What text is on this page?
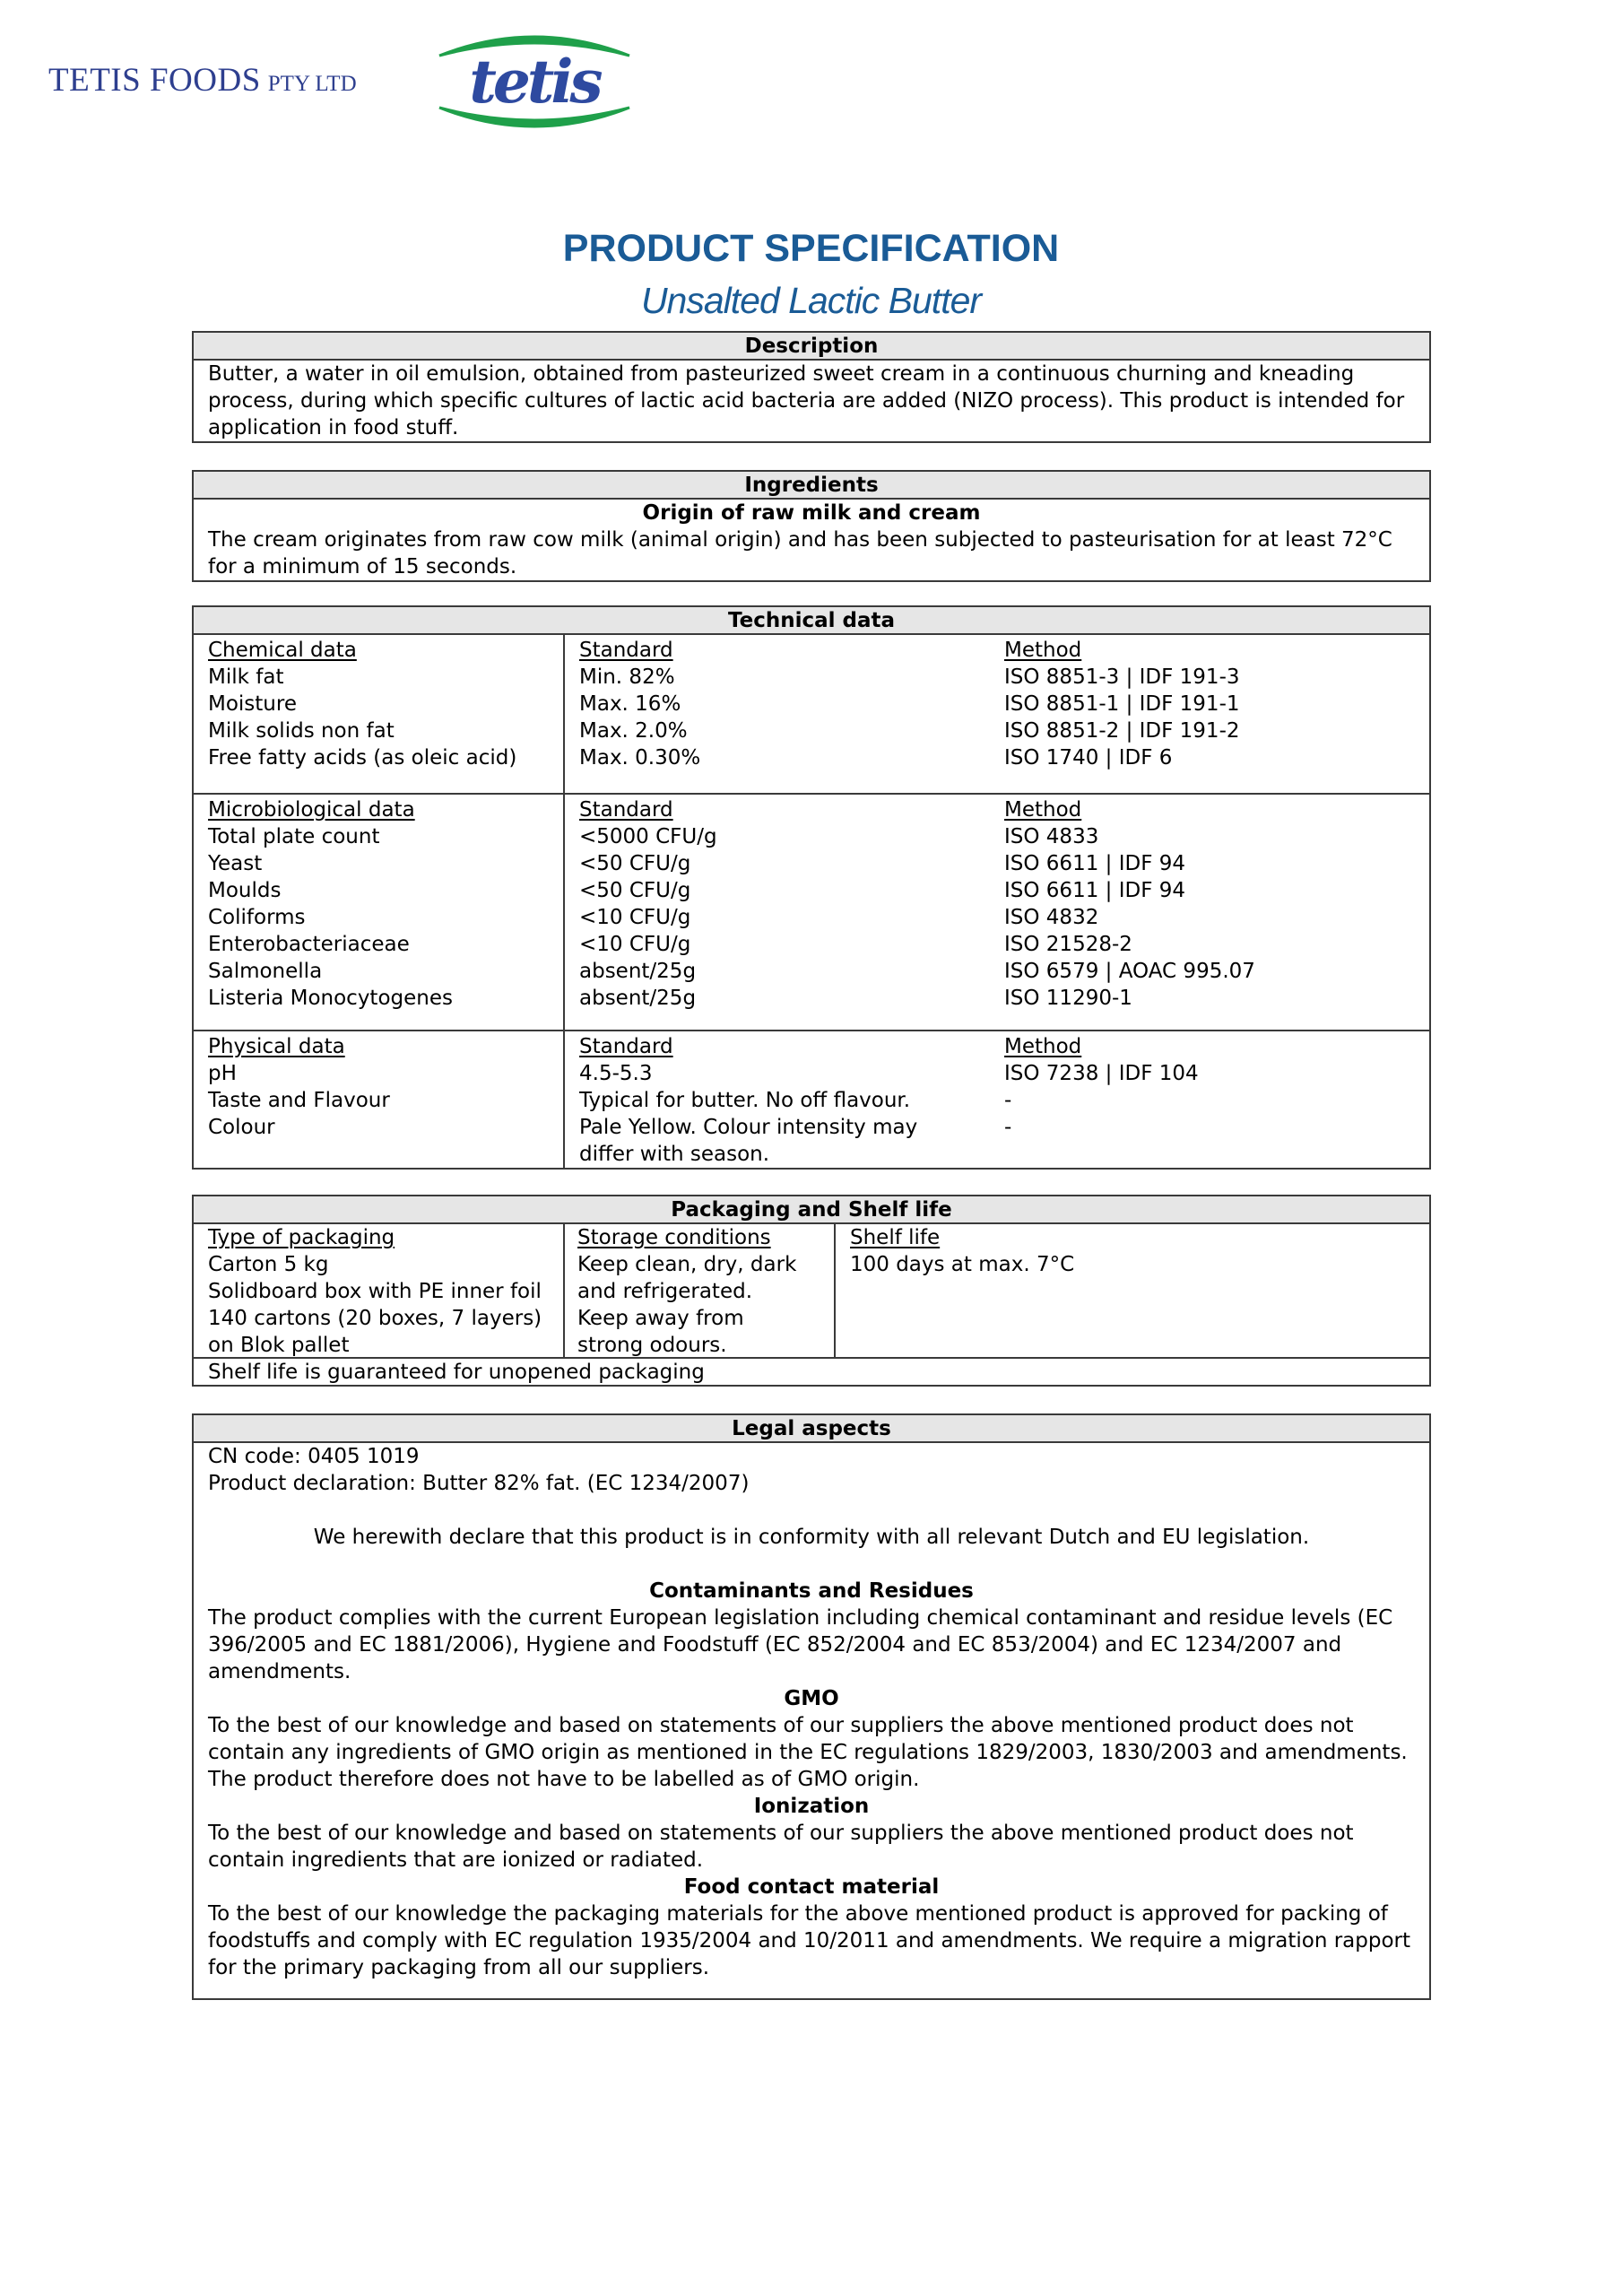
TETIS FOODS PTY LTD tetis
PRODUCT SPECIFICATION
Unsalted Lactic Butter
Description
Butter, a water in oil emulsion, obtained from pasteurized sweet cream in a continuous churning and kneading process, during which specific cultures of lactic acid bacteria are added (NIZO process). This product is intended for application in food stuff.
Ingredients
Origin of raw milk and cream
The cream originates from raw cow milk (animal origin) and has been subjected to pasteurisation for at least 72°C for a minimum of 15 seconds.
Technical data
Chemical data
Milk fat
Moisture
Milk solids non fat
Free fatty acids (as oleic acid)
Standard
Min. 82%
Max. 16%
Max. 2.0%
Max. 0.30%
Method
ISO 8851-3 | IDF 191-3
ISO 8851-1 | IDF 191-1
ISO 8851-2 | IDF 191-2
ISO 1740 | IDF 6
Microbiological data
Total plate count
Yeast
Moulds
Coliforms
Enterobacteriaceae
Salmonella
Listeria Monocytogenes
Standard
<5000 CFU/g
<50 CFU/g
<50 CFU/g
<10 CFU/g
<10 CFU/g
absent/25g
absent/25g
Method
ISO 4833
ISO 6611 | IDF 94
ISO 6611 | IDF 94
ISO 4832
ISO 21528-2
ISO 6579 | AOAC 995.07
ISO 11290-1
Physical data
pH
Taste and Flavour
Colour
Standard
4.5-5.3
Typical for butter. No off flavour.
Pale Yellow. Colour intensity may differ with season.
Method
ISO 7238 | IDF 104
-
-
Packaging and Shelf life
Type of packaging
Carton 5 kg
Solidboard box with PE inner foil
140 cartons (20 boxes, 7 layers) on Blok pallet
Storage conditions
Keep clean, dry, dark and refrigerated.
Keep away from strong odours.
Shelf life
100 days at max. 7°C
Shelf life is guaranteed for unopened packaging
Legal aspects
CN code: 0405 1019
Product declaration: Butter 82% fat. (EC 1234/2007)
We herewith declare that this product is in conformity with all relevant Dutch and EU legislation.
Contaminants and Residues
The product complies with the current European legislation including chemical contaminant and residue levels (EC 396/2005 and EC 1881/2006), Hygiene and Foodstuff (EC 852/2004 and EC 853/2004) and EC 1234/2007 and amendments.
GMO
To the best of our knowledge and based on statements of our suppliers the above mentioned product does not contain any ingredients of GMO origin as mentioned in the EC regulations 1829/2003, 1830/2003 and amendments. The product therefore does not have to be labelled as of GMO origin.
Ionization
To the best of our knowledge and based on statements of our suppliers the above mentioned product does not contain ingredients that are ionized or radiated.
Food contact material
To the best of our knowledge the packaging materials for the above mentioned product is approved for packing of foodstuffs and comply with EC regulation 1935/2004 and 10/2011 and amendments. We require a migration rapport for the primary packaging from all our suppliers.
